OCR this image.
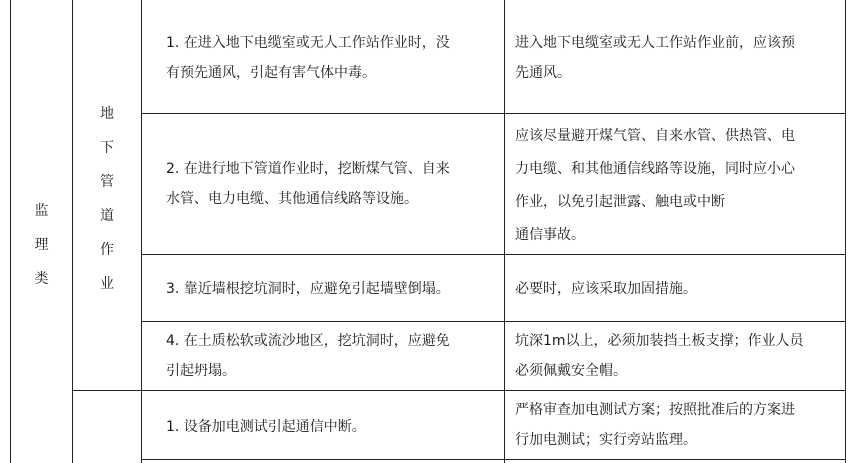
监
理
类
地
下
管
道
作
业
1. 在进入地下电缆室或无人工作站作业时，没
有预先通风，引起有害气体中毒。
进入地下电缆室或无人工作站作业前，应该预
先通风。
2. 在进行地下管道作业时，挖断煤气管、自来
水管、电力电缆、其他通信线路等设施。
应该尽量避开煤气管、自来水管、供热管、电
力电缆、和其他通信线路等设施，同时应小心
作业，以免引起泄露、触电或中断
通信事故。
3. 靠近墙根挖坑洞时，应避免引起墙壁倒塌。	必要时，应该采取加固措施。
4. 在土质松软或流沙地区，挖坑洞时，应避免
引起坍塌。
坑深1m以上，必须加装挡土板支撑；作业人员
必须佩戴安全帽。
1. 设备加电测试引起通信中断。
严格审查加电测试方案；按照批准后的方案进
行加电测试；实行旁站监理。
